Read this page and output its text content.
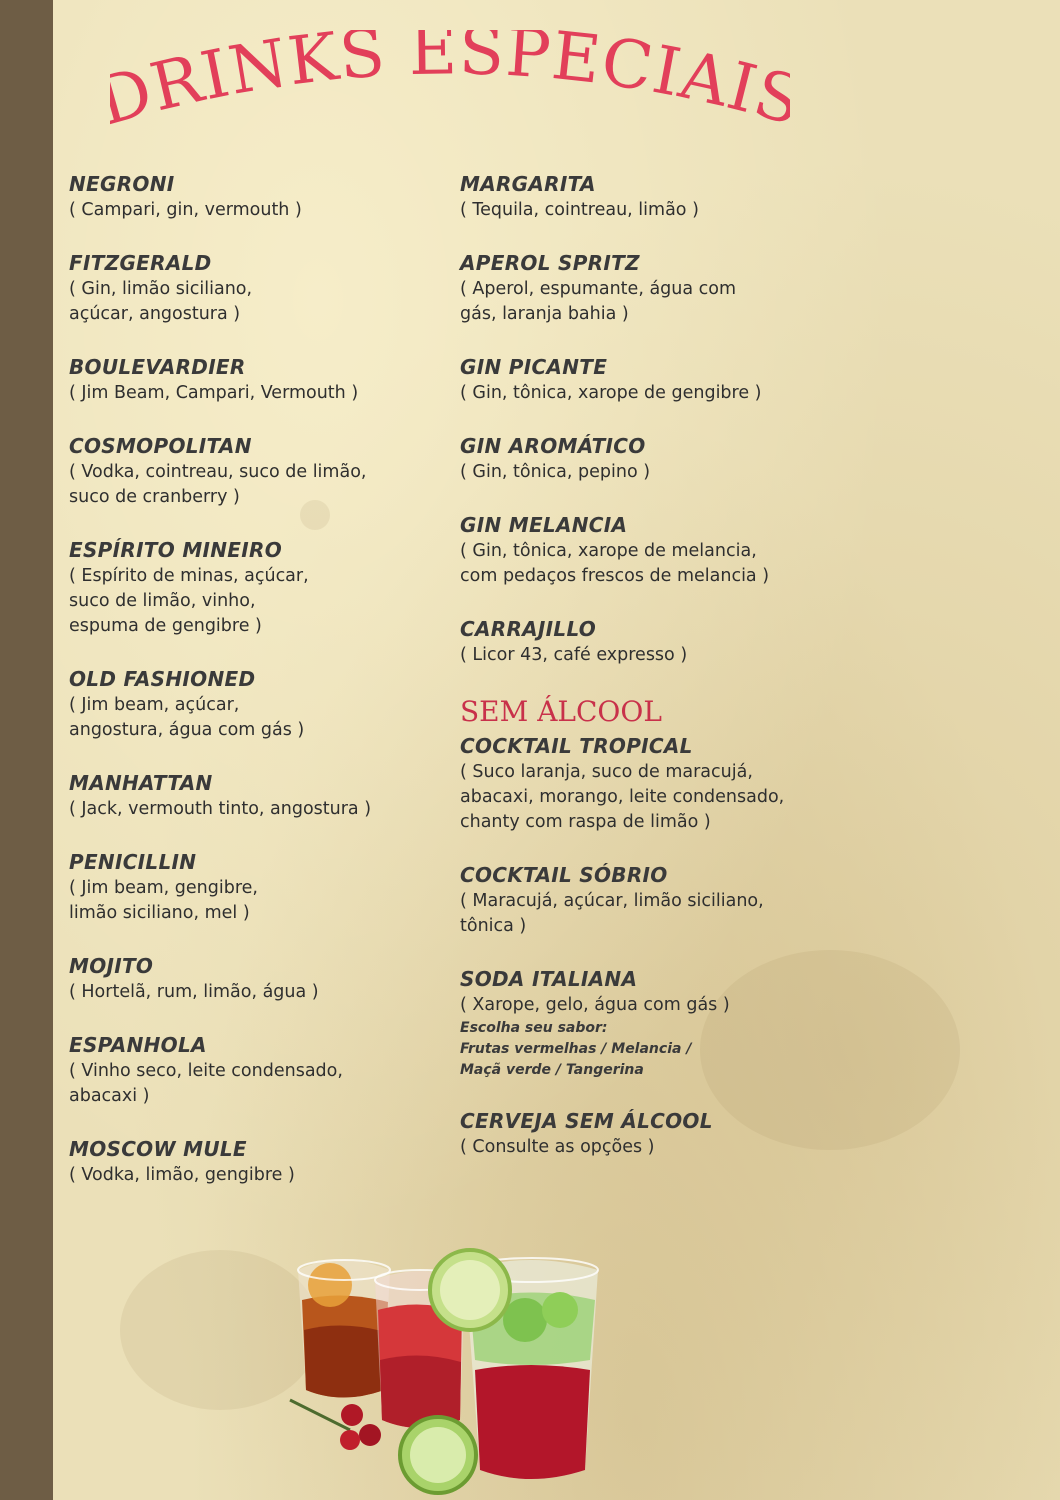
RINKS ESPECIAI
NEGRONI
( Campari, gin, vermouth )
FITZGERALD
( Gin, limão siciliano,
açúcar, angostura )
BOULEVARDIER
( Jim Beam, Campari, Vermouth )
COSMOPOLITAN
( Vodka, cointreau, suco de limão,
suco de cranberry )
ESPÍRITO MINEIRO
( Espírito de minas, açúcar,
suco de limão, vinho,
espuma de gengibre )
OLD FASHIONED
( Jim beam, açúcar,
angostura, água com gás )
MANHATTAN
( Jack, vermouth tinto, angostura )
PENICILLIN
( Jim beam, gengibre,
limão siciliano, mel )
MOJITO
( Hortelã, rum, limão, água )
ESPANHOLA
( Vinho seco, leite condensado,
abacaxi )
MOSCOW MULE
( Vodka, limão, gengibre )
MARGARITA
( Tequila, cointreau, limão )
APEROL SPRITZ
( Aperol, espumante, água com
gás, laranja bahia )
GIN PICANTE
( Gin, tônica, xarope de gengibre )
GIN AROMÁTICO
( Gin, tônica, pepino )
GIN MELANCIA
( Gin, tônica, xarope de melancia,
com pedaços frescos de melancia )
CARRAJILLO
( Licor 43, café expresso )
SEM ÁLCOOL
COCKTAIL TROPICAL
( Suco laranja, suco de maracujá,
abacaxi, morango, leite condensado,
chanty com raspa de limão )
COCKTAIL SÓBRIO
( Maracujá, açúcar, limão siciliano,
tônica )
SODA ITALIANA
( Xarope, gelo, água com gás )
Escolha seu sabor:
Frutas vermelhas / Melancia /
Maçã verde / Tangerina
CERVEJA SEM ÁLCOOL
( Consulte as opções )
